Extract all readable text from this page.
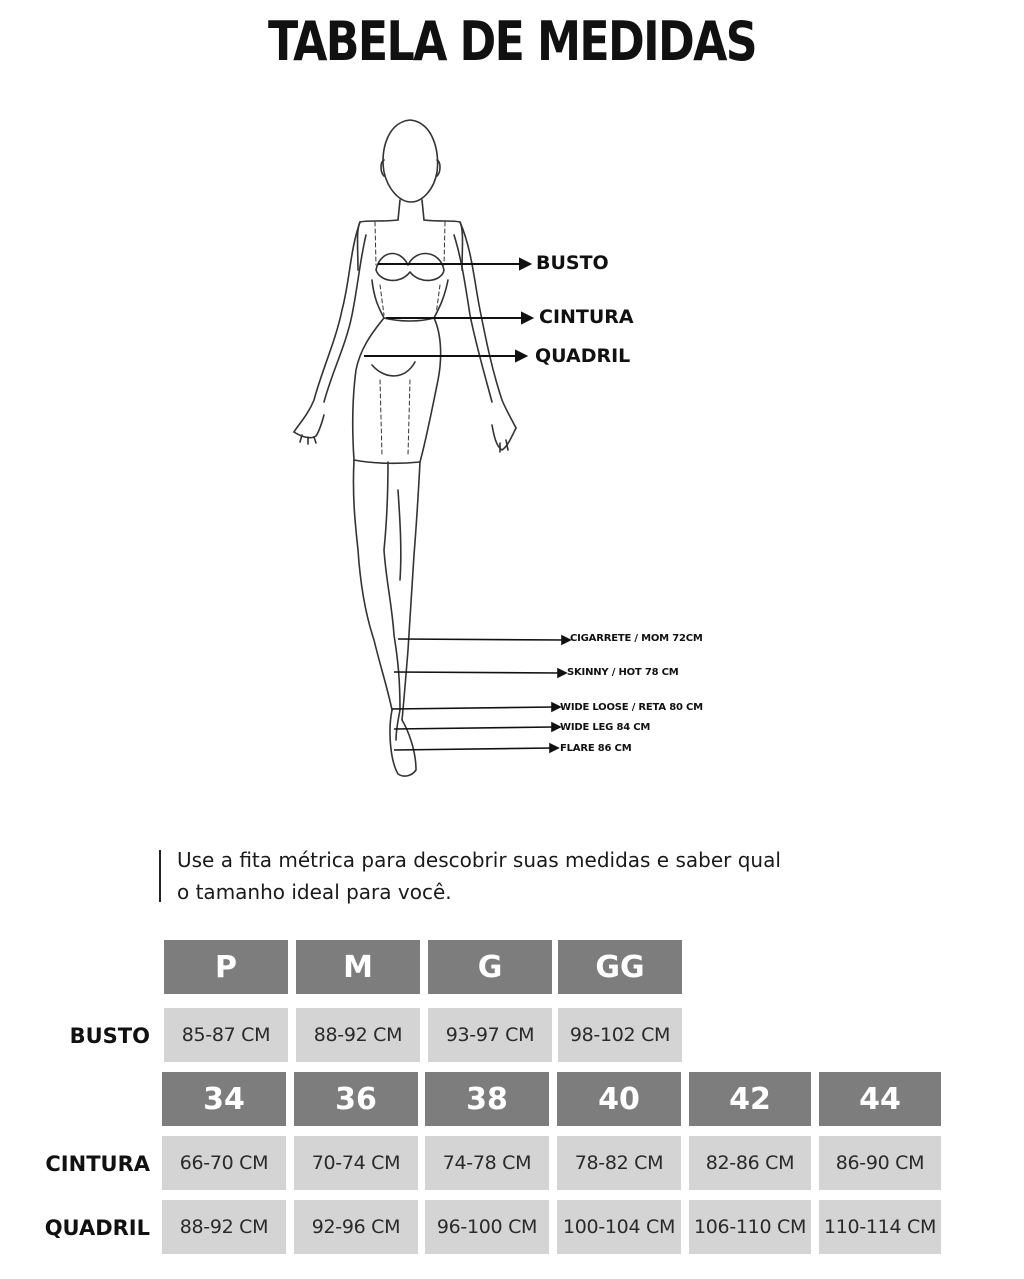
TABELA DE MEDIDAS
BUSTO
CINTURA
QUADRIL
CIGARRETE / MOM 72CM
SKINNY / HOT 78 CM
WIDE LOOSE / RETA 80 CM
WIDE LEG 84 CM
FLARE 86 CM
Use a fita métrica para descobrir suas medidas e saber qual o tamanho ideal para você.
P	M	G	GG
BUSTO	85-87 CM	88-92 CM	93-97 CM	98-102 CM
34	36	38	40	42	44
CINTURA	66-70 CM	70-74 CM	74-78 CM	78-82 CM	82-86 CM	86-90 CM
QUADRIL	88-92 CM	92-96 CM	96-100 CM	100-104 CM 106-110 CM 110-114 CM
